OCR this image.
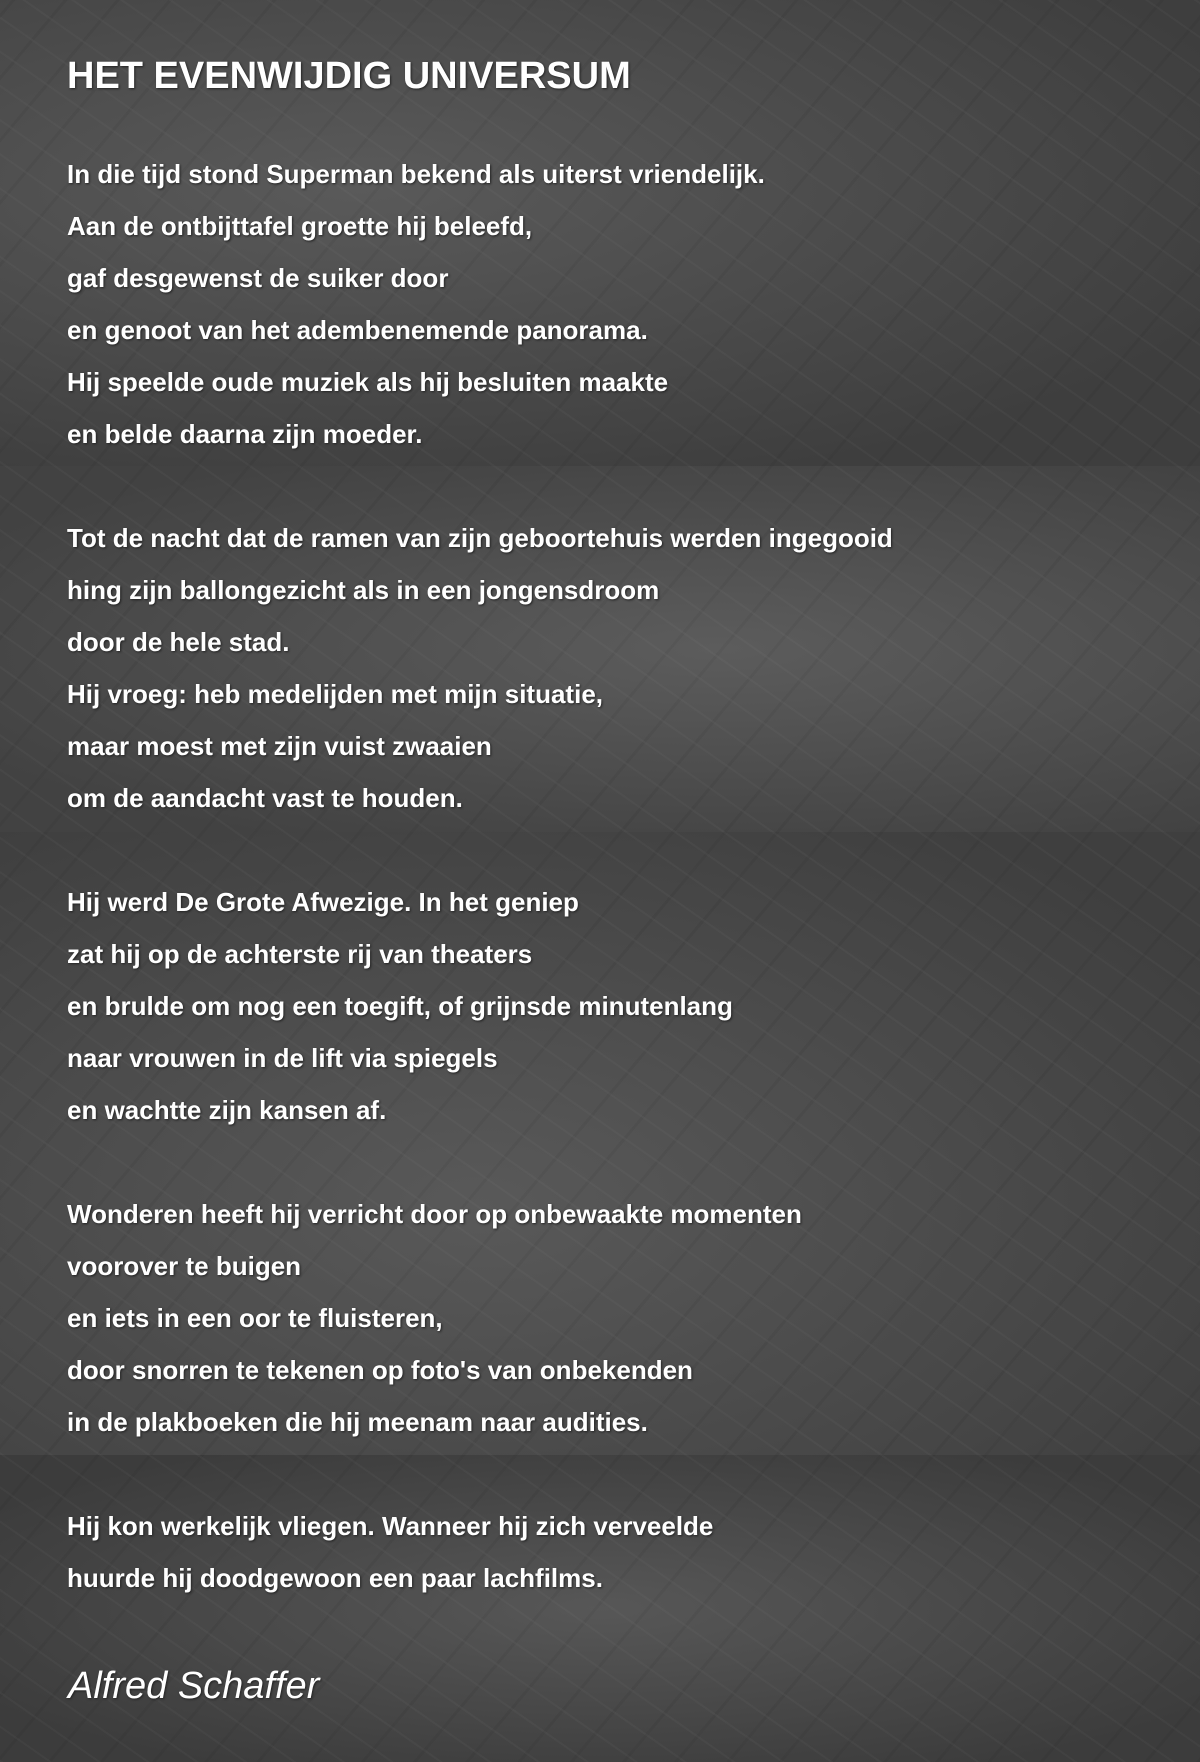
HET EVENWIJDIG UNIVERSUM
In die tijd stond Superman bekend als uiterst vriendelijk.
Aan de ontbijttafel groette hij beleefd,
gaf desgewenst de suiker door
en genoot van het adembenemende panorama.
Hij speelde oude muziek als hij besluiten maakte
en belde daarna zijn moeder.
Tot de nacht dat de ramen van zijn geboortehuis werden ingegooid
hing zijn ballongezicht als in een jongensdroom
door de hele stad.
Hij vroeg: heb medelijden met mijn situatie,
maar moest met zijn vuist zwaaien
om de aandacht vast te houden.
Hij werd De Grote Afwezige. In het geniep
zat hij op de achterste rij van theaters
en brulde om nog een toegift, of grijnsde minutenlang
naar vrouwen in de lift via spiegels
en wachtte zijn kansen af.
Wonderen heeft hij verricht door op onbewaakte momenten
voorover te buigen
en iets in een oor te fluisteren,
door snorren te tekenen op foto's van onbekenden
in de plakboeken die hij meenam naar audities.
Hij kon werkelijk vliegen. Wanneer hij zich verveelde
huurde hij doodgewoon een paar lachfilms.
Alfred Schaffer
